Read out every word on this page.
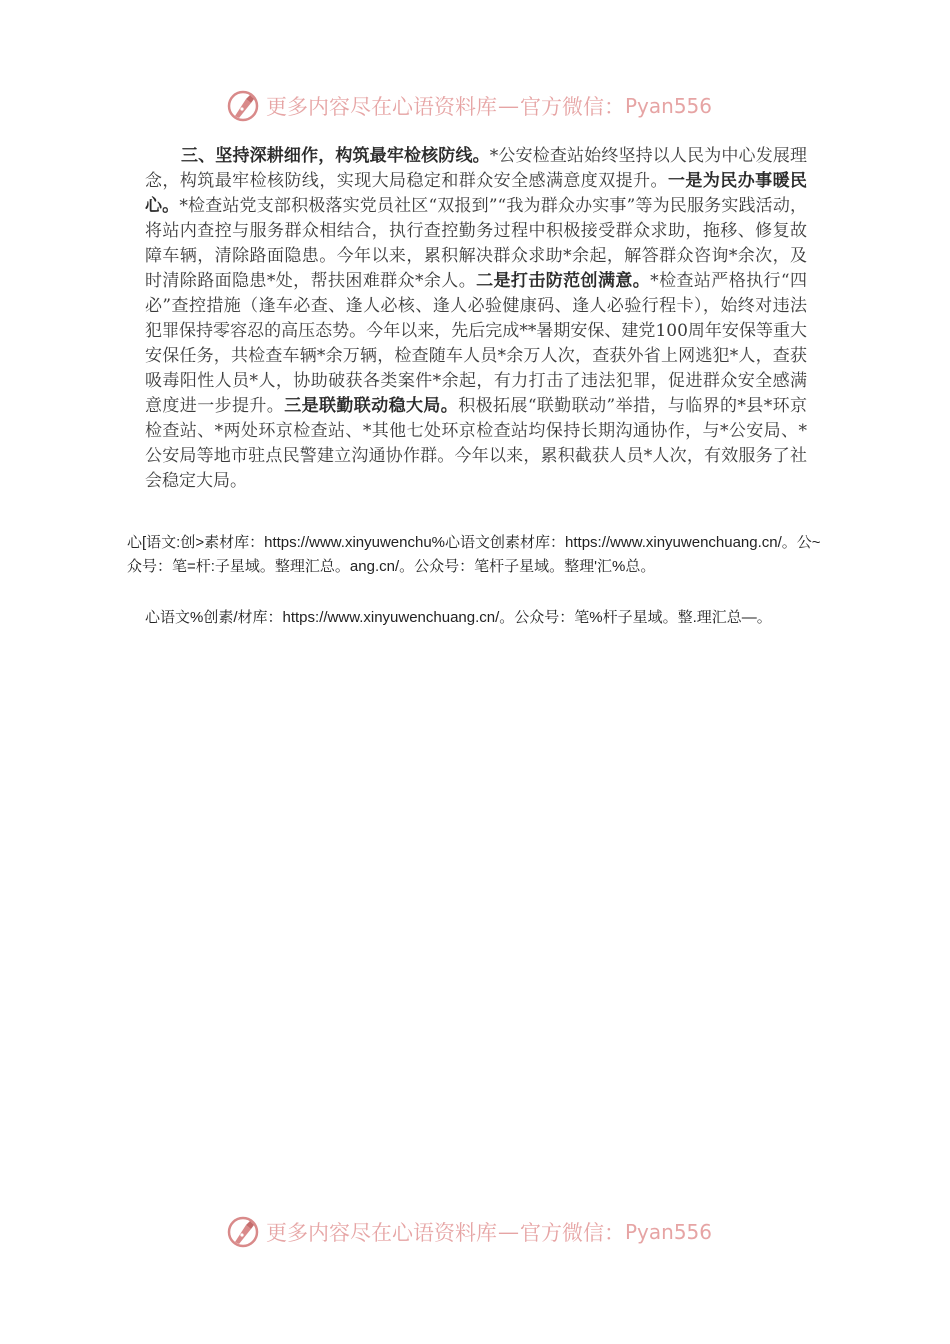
更多内容尽在心语资料库 — 官方微信： Pyan556

三、坚持深耕细作，构筑最牢检核防线。*公安检查站始终坚持以人民为中心发展理念，构筑最牢检核防线，实现大局稳定和群众安全感满意度双提升。一是为民办事暖民心。*检查站党支部积极落实党员社区“双报到”“我为群众办实事”等为民服务实践活动，将站内查控与服务群众相结合，执行查控勤务过程中积极接受群众求助，拖移、修复故障车辆，清除路面隐患。今年以来，累积解决群众求助*余起，解答群众咨询*余次，及时清除路面隐患*处，帮扶困难群众*余人。二是打击防范创满意。*检查站严格执行“四必”查控措施（逢车必查、逢人必核、逢人必验健康码、逢人必验行程卡），始终对违法犯罪保持零容忍的高压态势。今年以来，先后完成**暑期安保、建党100周年安保等重大安保任务，共检查车辆*余万辆，检查随车人员*余万人次，查获外省上网逃犯*人，查获吸毒阳性人员*人，协助破获各类案件*余起，有力打击了违法犯罪，促进群众安全感满意度进一步提升。三是联勤联动稳大局。积极拓展“联勤联动”举措，与临界的*县*环京检查站、*两处环京检查站、*其他七处环京检查站均保持长期沟通协作，与*公安局、*公安局等地市驻点民警建立沟通协作群。今年以来，累积截获人员*人次，有效服务了社会稳定大局。

心[语文:创>素材库：https://www.xinyuwenchu%心语文创素材库：https://www.xinyuwenchuang.cn/。公~众号：笔=杆:子星域。整理汇总。ang.cn/。公众号：笔杆子星域。整理'汇%总。

心语文%创素/材库：https://www.xinyuwenchuang.cn/。公众号：笔%杆子星域。整.理汇总—。

更多内容尽在心语资料库 — 官方微信： Pyan556
